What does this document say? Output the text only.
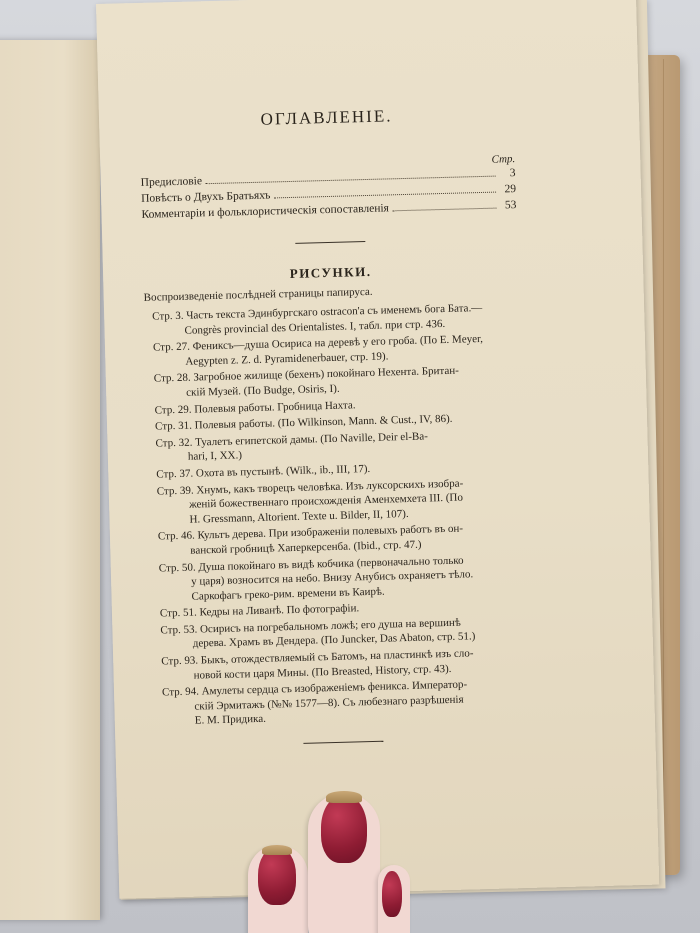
ОГЛАВЛЕНІЕ.
Стр.
Предисловіе
3
Повѣсть о Двухъ Братьяхъ
29
Комментаріи и фольклористическія сопоставленія	53
РИСУНКИ.
Воспроизведеніе послѣдней страницы папируса.
Стр. 3. Часть текста Эдинбургскаго ostracon'а съ именемъ бога Бата.—
Congrès provincial des Orientalistes. I, табл. при стр. 436.
Стр. 27. Фениксъ—душа Осириса на деревѣ у его гроба. (По E. Meyer,
Aegypten z. Z. d. Pyramidenerbauer, стр. 19).
Стр. 28. Загробное жилище (бехенъ) покойнаго Нехента. Британ-
скій Музей. (По Budge, Osiris, I).
Стр. 29. Полевыя работы. Гробница Нахта.
Стр. 31. Полевыя работы. (По Wilkinson, Mann. & Cust., IV, 86).
Стр. 32. Туалетъ египетской дамы. (По Naville, Deir el-Ba-
hari, I, XX.)
Стр. 37. Охота въ пустынѣ. (Wilk., ib., III, 17).
Стр. 39. Хнумъ, какъ творецъ человѣка. Изъ луксорскихъ изобра-
женій божественнаго происхожденія Аменхемхета III. (По
H. Gressmann, Altorient. Texte u. Bilder, II, 107).
Стр. 46. Культъ дерева. При изображеніи полевыхъ работъ въ он-
ванской гробницѣ Хаперкерсенба. (Ibid., стр. 47.)
Стр. 50. Душа покойнаго въ видѣ кобчика (первоначально только
у царя) возносится на небо. Внизу Анубисъ охраняетъ тѣло.
Саркофагъ греко-рим. времени въ Каирѣ.
Стр. 51. Кедры на Ливанѣ. По фотографіи.
Стр. 53. Осирисъ на погребальномъ ложѣ; его душа на вершинѣ
дерева. Храмъ въ Дендера. (По Juncker, Das Abaton, стр. 51.)
Стр. 93. Быкъ, отождествляемый съ Батомъ, на пластинкѣ изъ сло-
новой кости царя Мины. (По Breasted, History, стр. 43).
Стр. 94. Амулеты сердца съ изображеніемъ феникса. Император-
скій Эрмитажъ (№№ 1577—8). Съ любезнаго разрѣшенія
Е. М. Придика.
